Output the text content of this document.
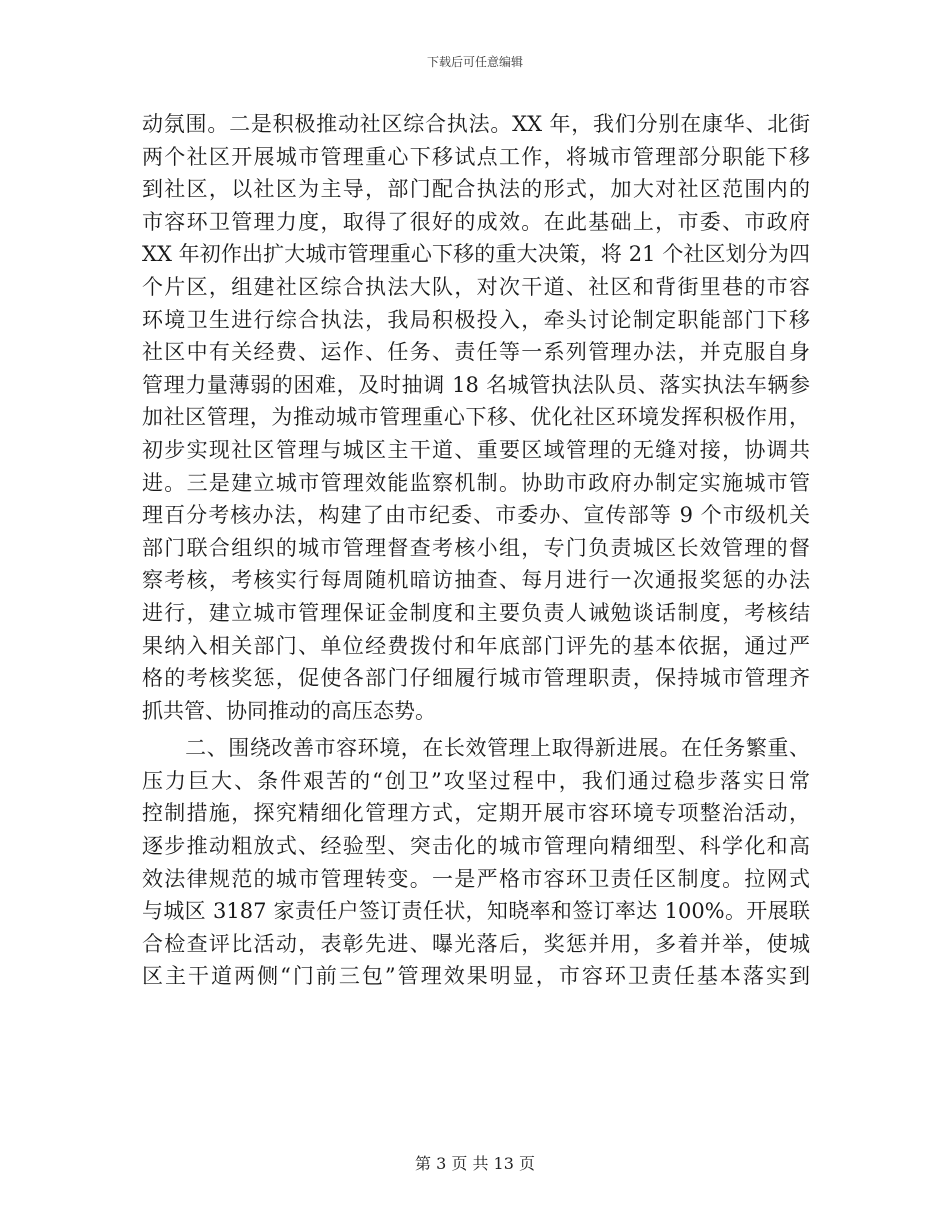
下载后可任意编辑
动氛围。二是积极推动社区综合执法。XX 年，我们分别在康华、北街
两个社区开展城市管理重心下移试点工作，将城市管理部分职能下移
到社区，以社区为主导，部门配合执法的形式，加大对社区范围内的
市容环卫管理力度，取得了很好的成效。在此基础上，市委、市政府
XX 年初作出扩大城市管理重心下移的重大决策，将 21 个社区划分为四
个片区，组建社区综合执法大队，对次干道、社区和背街里巷的市容
环境卫生进行综合执法，我局积极投入，牵头讨论制定职能部门下移
社区中有关经费、运作、任务、责任等一系列管理办法，并克服自身
管理力量薄弱的困难，及时抽调 18 名城管执法队员、落实执法车辆参
加社区管理，为推动城市管理重心下移、优化社区环境发挥积极作用，
初步实现社区管理与城区主干道、重要区域管理的无缝对接，协调共
进。三是建立城市管理效能监察机制。协助市政府办制定实施城市管
理百分考核办法，构建了由市纪委、市委办、宣传部等 9 个市级机关
部门联合组织的城市管理督查考核小组，专门负责城区长效管理的督
察考核，考核实行每周随机暗访抽查、每月进行一次通报奖惩的办法
进行，建立城市管理保证金制度和主要负责人诫勉谈话制度，考核结
果纳入相关部门、单位经费拨付和年底部门评先的基本依据，通过严
格的考核奖惩，促使各部门仔细履行城市管理职责，保持城市管理齐
抓共管、协同推动的高压态势。
　　二、围绕改善市容环境，在长效管理上取得新进展。在任务繁重、
压力巨大、条件艰苦的“创卫”攻坚过程中，我们通过稳步落实日常
控制措施，探究精细化管理方式，定期开展市容环境专项整治活动，
逐步推动粗放式、经验型、突击化的城市管理向精细型、科学化和高
效法律规范的城市管理转变。一是严格市容环卫责任区制度。拉网式
与城区 3187 家责任户签订责任状，知晓率和签订率达 100%。开展联
合检查评比活动，表彰先进、曝光落后，奖惩并用，多着并举，使城
区主干道两侧“门前三包”管理效果明显，市容环卫责任基本落实到
第 3 页 共 13 页
